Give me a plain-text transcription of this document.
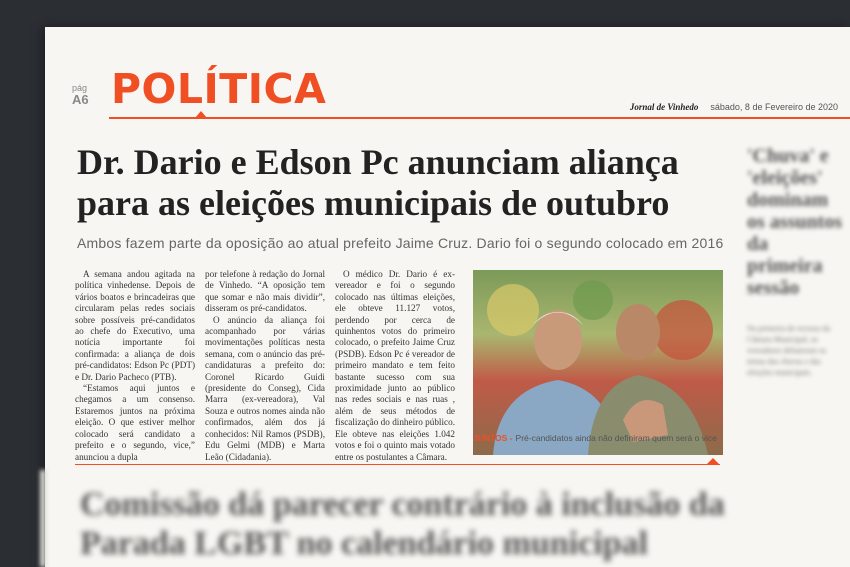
pág
A6 POLÍTICA	Jornal de Vinhedo sábado, 8 de Fevereiro de 2020
Dr. Dario e Edson Pc anunciam aliança para as eleições municipais de outubro
Ambos fazem parte da oposição ao atual prefeito Jaime Cruz. Dario foi o segundo colocado em 2016

A semana andou agitada na política vinhedense. Depois de vários boatos e brincadeiras que circularam pelas redes sociais sobre possíveis pré-candidatos ao chefe do Executivo, uma notícia importante foi confirmada: a aliança de dois pré-candidatos: Edson Pc (PDT) e Dr. Dario Pacheco (PTB).

“Estamos aqui juntos e chegamos a um consenso. Estaremos juntos na próxima eleição. O que estiver melhor colocado será candidato a prefeito e o segundo, vice,” anunciou a dupla

por telefone à redação do Jornal de Vinhedo. “A oposição tem que somar e não mais dividir”, disseram os pré-candidatos.

O anúncio da aliança foi acompanhado por várias movimentações políticas nesta semana, com o anúncio das pré-candidaturas a prefeito do: Coronel Ricardo Guidi (presidente do Conseg), Cida Marra (ex-vereadora), Val Souza e outros nomes ainda não confirmados, além dos já conhecidos: Nil Ramos (PSDB), Edu Gelmi (MDB) e Marta Leão (Cidadania).

O médico Dr. Dario é ex-vereador e foi o segundo colocado nas últimas eleições, ele obteve 11.127 votos, perdendo por cerca de quinhentos votos do primeiro colocado, o prefeito Jaime Cruz (PSDB). Edson Pc é vereador de primeiro mandato e tem feito bastante sucesso com sua proximidade junto ao público nas redes sociais e nas ruas , além de seus métodos de fiscalização do dinheiro público. Ele obteve nas eleições 1.042 votos e foi o quinto mais votado entre os postulantes a Câmara.

JUNTOS - Pré-candidatos ainda não definiram quem será o vice
Comissão dá parecer contrário à inclusão da Parada LGBT no calendário municipal
'Chuva' e 'eleições' dominam os assuntos da primeira sessão
Na primeira de recesso da Câmara Municipal, os vereadores debateram os temas das chuvas e das eleições municipais.
